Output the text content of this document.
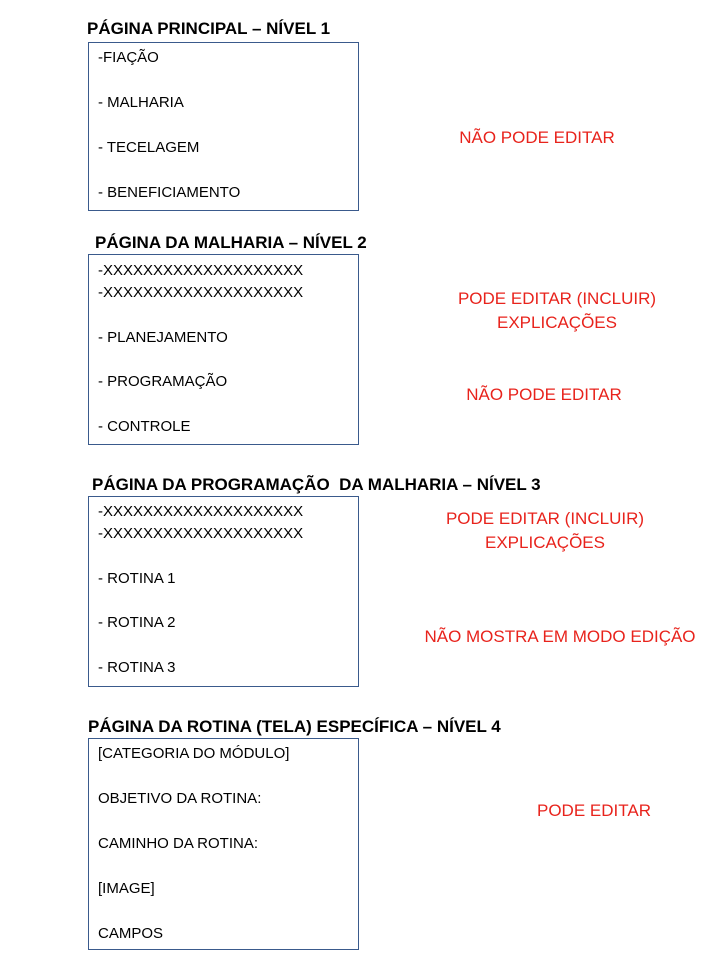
PÁGINA PRINCIPAL – NÍVEL 1
-FIAÇÃO
- MALHARIA
- TECELAGEM
- BENEFICIAMENTO
PÁGINA DA MALHARIA – NÍVEL 2
-XXXXXXXXXXXXXXXXXXXX
-XXXXXXXXXXXXXXXXXXXX
- PLANEJAMENTO
- PROGRAMAÇÃO
- CONTROLE
PÁGINA DA PROGRAMAÇÃO  DA MALHARIA – NÍVEL 3
-XXXXXXXXXXXXXXXXXXXX
-XXXXXXXXXXXXXXXXXXXX
- ROTINA 1
- ROTINA 2
- ROTINA 3
PÁGINA DA ROTINA (TELA) ESPECÍFICA – NÍVEL 4
[CATEGORIA DO MÓDULO]
OBJETIVO DA ROTINA:
CAMINHO DA ROTINA:
[IMAGE]
CAMPOS
NÃO PODE EDITAR
PODE EDITAR (INCLUIR)
EXPLICAÇÕES
NÃO PODE EDITAR
PODE EDITAR (INCLUIR)
EXPLICAÇÕES
NÃO MOSTRA EM MODO EDIÇÃO
PODE EDITAR
